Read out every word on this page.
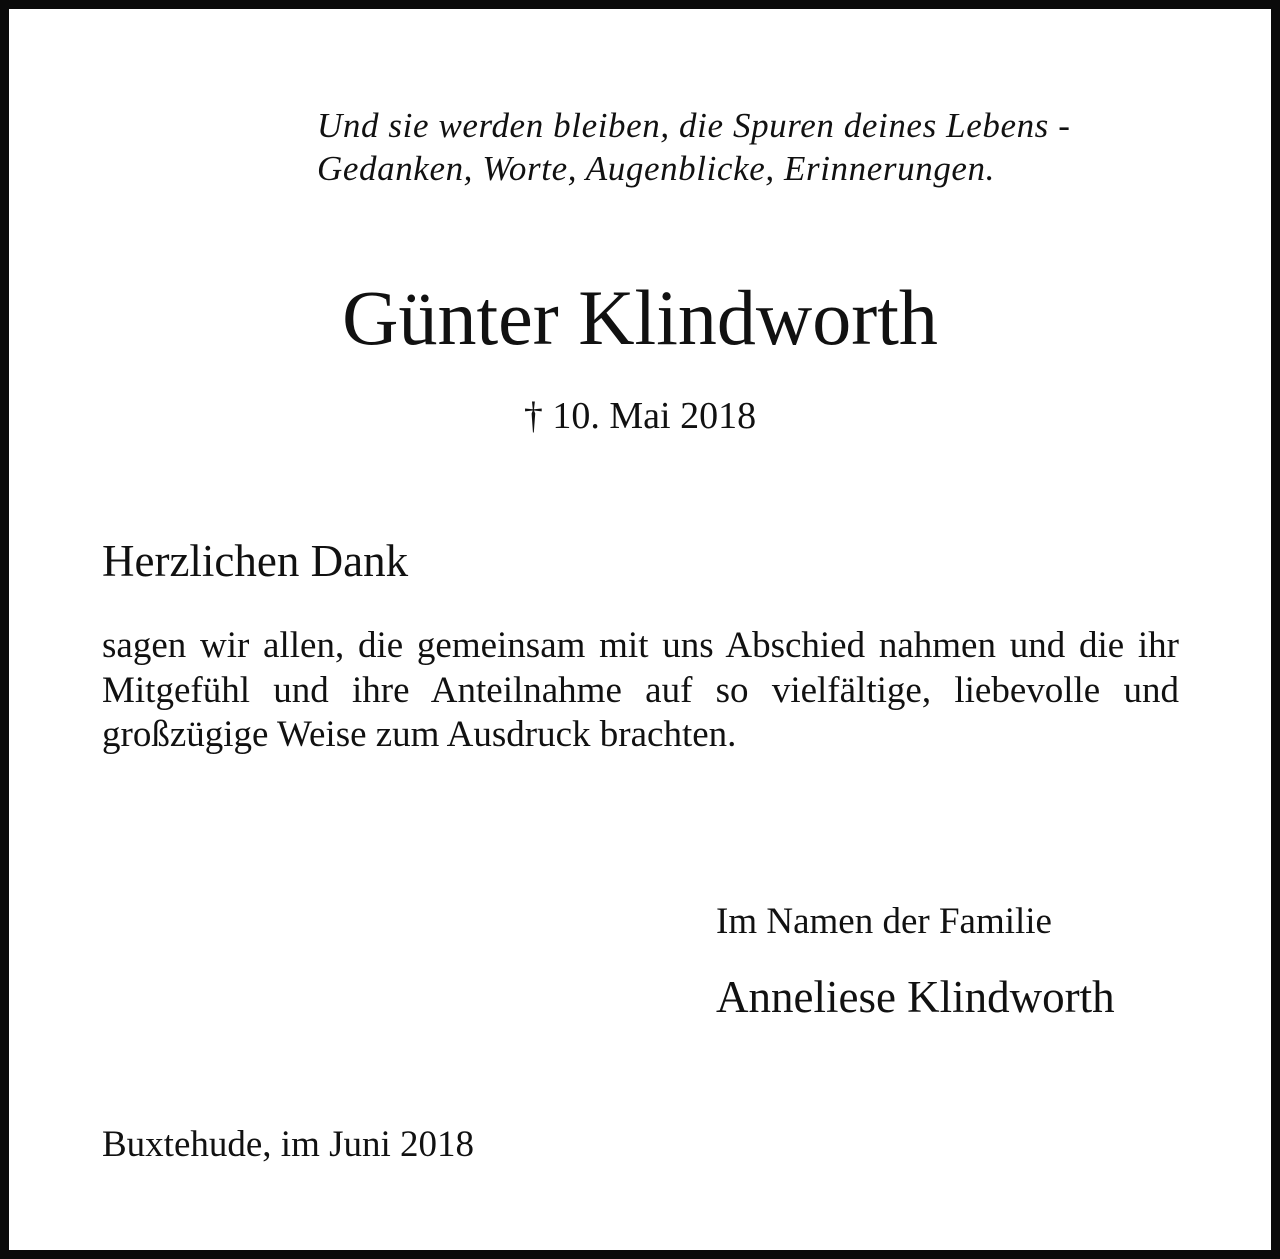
Und sie werden bleiben, die Spuren deines Lebens -
Gedanken, Worte, Augenblicke, Erinnerungen.
Günter Klindworth
† 10. Mai 2018
Herzlichen Dank
sagen wir allen, die gemeinsam mit uns Abschied nahmen und die ihr Mitgefühl und ihre Anteilnahme auf so vielfältige, liebevolle und großzügige Weise zum Ausdruck brachten.
Im Namen der Familie
Anneliese Klindworth
Buxtehude, im Juni 2018
